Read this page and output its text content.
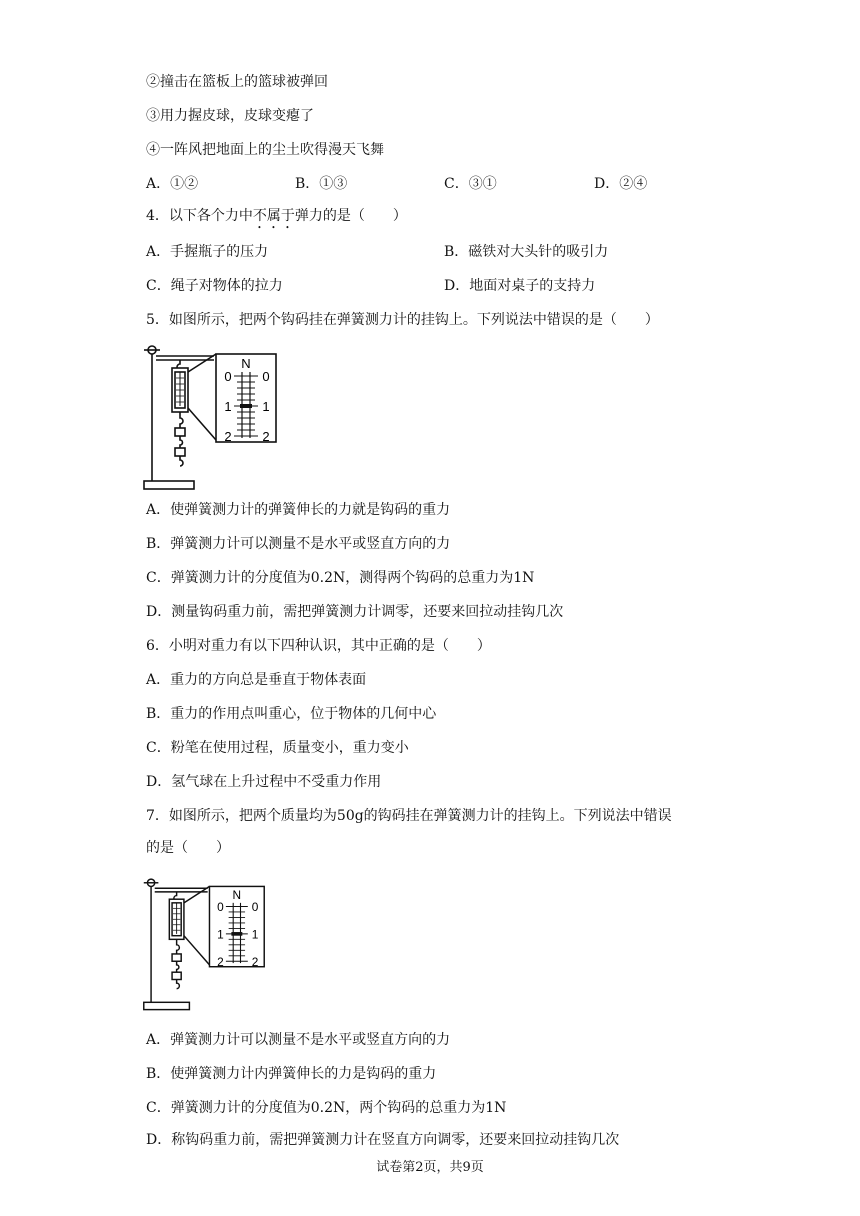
②撞击在篮板上的篮球被弹回
③用力握皮球，皮球变瘪了
④一阵风把地面上的尘土吹得漫天飞舞
A．①②	B．①③	C．③①	D．②④
4．以下各个力中不属于弹力的是（　　）
A．手握瓶子的压力	B．磁铁对大头针的吸引力
C．绳子对物体的拉力	D．地面对桌子的支持力
5．如图所示，把两个钩码挂在弹簧测力计的挂钩上。下列说法中错误的是（　　）
N
0
1
2
0
1
2
A．使弹簧测力计的弹簧伸长的力就是钩码的重力
B．弹簧测力计可以测量不是水平或竖直方向的力
C．弹簧测力计的分度值为0.2N，测得两个钩码的总重力为1N
D．测量钩码重力前，需把弹簧测力计调零，还要来回拉动挂钩几次
6．小明对重力有以下四种认识，其中正确的是（　　）
A．重力的方向总是垂直于物体表面
B．重力的作用点叫重心，位于物体的几何中心
C．粉笔在使用过程，质量变小，重力变小
D．氢气球在上升过程中不受重力作用
7．如图所示，把两个质量均为50g的钩码挂在弹簧测力计的挂钩上。下列说法中错误
的是（　　）
N
0
1
2
0
1
2
A．弹簧测力计可以测量不是水平或竖直方向的力
B．使弹簧测力计内弹簧伸长的力是钩码的重力
C．弹簧测力计的分度值为0.2N，两个钩码的总重力为1N
D．称钩码重力前，需把弹簧测力计在竖直方向调零，还要来回拉动挂钩几次
试卷第2页，共9页
